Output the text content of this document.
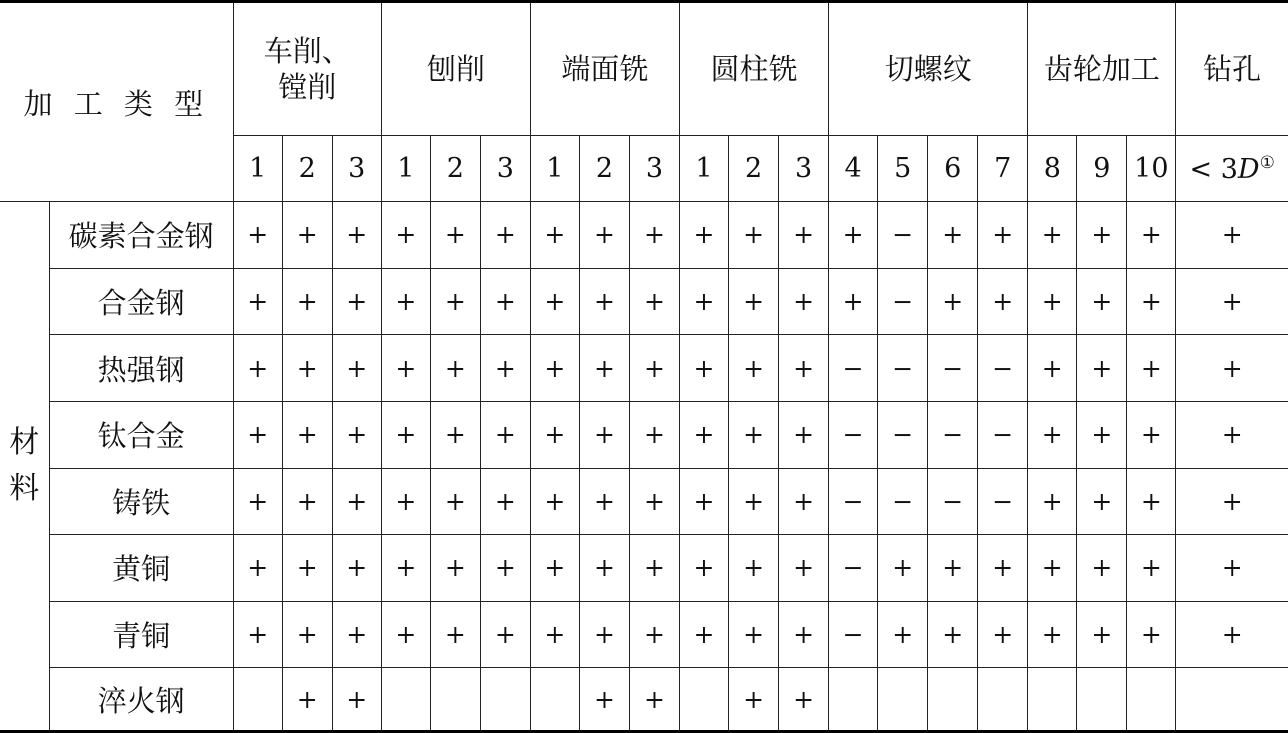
加 工 类 型		车削、
镗削			刨削			端面铣			圆柱铣			切螺纹				齿轮加工			钻孔
		1	2	3	1	2	3	1	2	3	1	2	3	4	5	6	7	8	9	10	< 3D①

材 料	碳素合金钢	+	+	+	+	+	+	+	+	+	+	+	+	+	−	+	+	+	+	+	+
	合金钢	+	+	+	+	+	+	+	+	+	+	+	+	+	−	+	+	+	+	+	+
	热强钢	+	+	+	+	+	+	+	+	+	+	+	+	−	−	−	−	+	+	+	+
	钛合金	+	+	+	+	+	+	+	+	+	+	+	+	−	−	−	−	+	+	+	+
	铸铁	+	+	+	+	+	+	+	+	+	+	+	+	−	−	−	−	+	+	+	+
	黄铜	+	+	+	+	+	+	+	+	+	+	+	+	−	+	+	+	+	+	+	+
	青铜	+	+	+	+	+	+	+	+	+	+	+	+	−	+	+	+	+	+	+	+
	淬火钢		+	+					+	+		+	+								
